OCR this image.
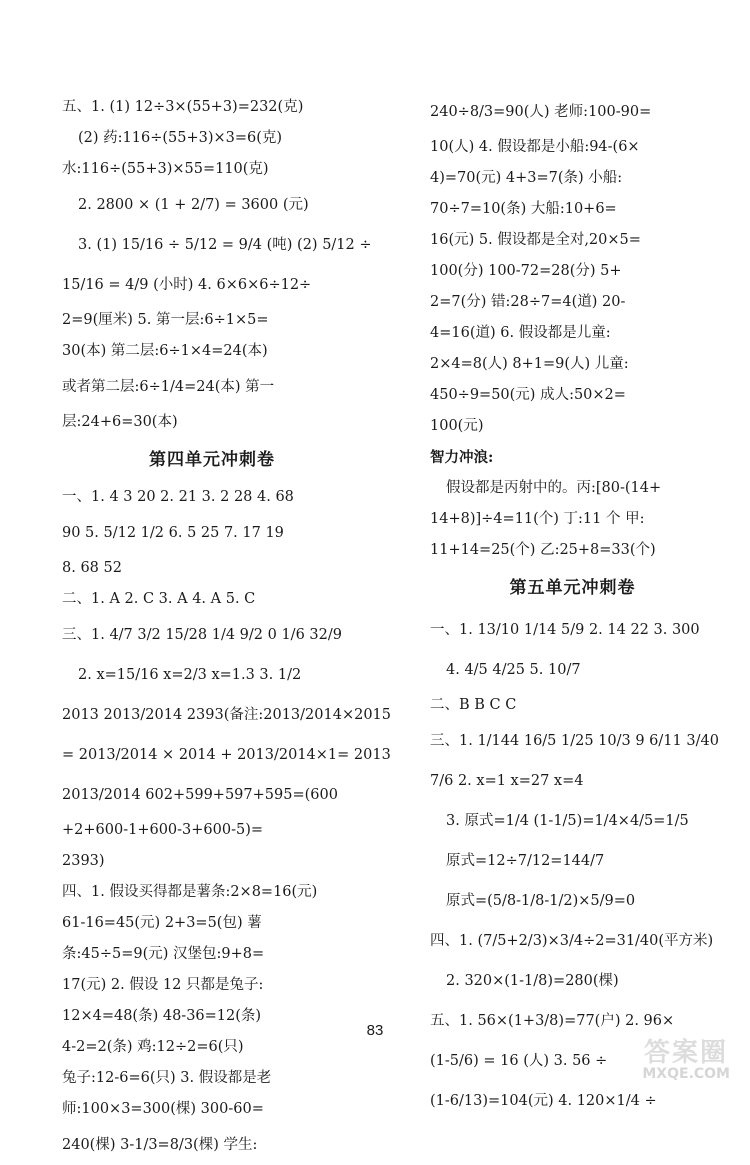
五、1. (1) 12÷3×(55+3)=232(克)
(2) 药:116÷(55+3)×3=6(克)
水:116÷(55+3)×55=110(克)
2. 2800 × (1 + 2/7) = 3600 (元)
3. (1) 15/16 ÷ 5/12 = 9/4 (吨) (2) 5/12 ÷
15/16 = 4/9 (小时) 4. 6×6×6÷12÷
2=9(厘米) 5. 第一层:6÷1×5=
30(本) 第二层:6÷1×4=24(本)
或者第二层:6÷1/4=24(本) 第一
层:24+6=30(本)
第四单元冲刺卷
一、1. 4 3 20 2. 21 3. 2 28 4. 68
90 5. 5/12 1/2 6. 5 25 7. 17 19
8. 68 52
二、1. A 2. C 3. A 4. A 5. C
三、1. 4/7 3/2 15/28 1/4 9/2 0 1/6 32/9
2. x=15/16 x=2/3 x=1.3 3. 1/2
2013 2013/2014 2393(备注:2013/2014×2015
= 2013/2014 × 2014 + 2013/2014×1= 2013
2013/2014 602+599+597+595=(600
+2+600-1+600-3+600-5)=
2393)
四、1. 假设买得都是薯条:2×8=16(元)
61-16=45(元) 2+3=5(包) 薯
条:45÷5=9(元) 汉堡包:9+8=
17(元) 2. 假设 12 只都是兔子:
12×4=48(条) 48-36=12(条)
4-2=2(条) 鸡:12÷2=6(只)
兔子:12-6=6(只) 3. 假设都是老
师:100×3=300(棵) 300-60=
240(棵) 3-1/3=8/3(棵) 学生:
240÷8/3=90(人) 老师:100-90=
10(人) 4. 假设都是小船:94-(6×
4)=70(元) 4+3=7(条) 小船:
70÷7=10(条) 大船:10+6=
16(元) 5. 假设都是全对,20×5=
100(分) 100-72=28(分) 5+
2=7(分) 错:28÷7=4(道) 20-
4=16(道) 6. 假设都是儿童:
2×4=8(人) 8+1=9(人) 儿童:
450÷9=50(元) 成人:50×2=
100(元)
智力冲浪:
假设都是丙射中的。丙:[80-(14+
14+8)]÷4=11(个) 丁:11 个 甲:
11+14=25(个) 乙:25+8=33(个)
第五单元冲刺卷
一、1. 13/10 1/14 5/9 2. 14 22 3. 300
4. 4/5 4/25 5. 10/7
二、B B C C
三、1. 1/144 16/5 1/25 10/3 9 6/11 3/40
7/6 2. x=1 x=27 x=4
3. 原式=1/4 (1-1/5)=1/4×4/5=1/5
原式=12÷7/12=144/7
原式=(5/8-1/8-1/2)×5/9=0
四、1. (7/5+2/3)×3/4÷2=31/40(平方米)
2. 320×(1-1/8)=280(棵)
五、1. 56×(1+3/8)=77(户) 2. 96×
(1-5/6) = 16 (人) 3. 56 ÷
(1-6/13)=104(元) 4. 120×1/4 ÷
83
答案圈
MXQE.COM
